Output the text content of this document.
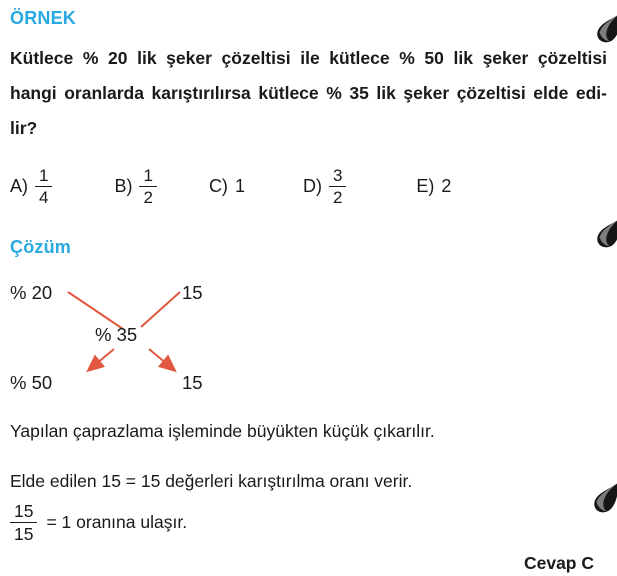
ÖRNEK
Kütlece % 20 lik şeker çözeltisi ile kütlece % 50 lik şeker çözeltisi
hangi oranlarda karıştırılırsa kütlece % 35 lik şeker çözeltisi elde edi-
lir?
$A) \frac{1}{4}$	$B) \frac{1}{2}$	C) 1	$D) \frac{3}{2}$	E) 2
Çözüm
% 20	15
% 35
% 50	15
Yapılan çaprazlama işleminde büyükten küçük çıkarılır.
Elde edilen 15 = 15 değerleri karıştırılma oranı verir.
$\frac{15}{15} = 1$ oranına ulaşır.
Cevap C
